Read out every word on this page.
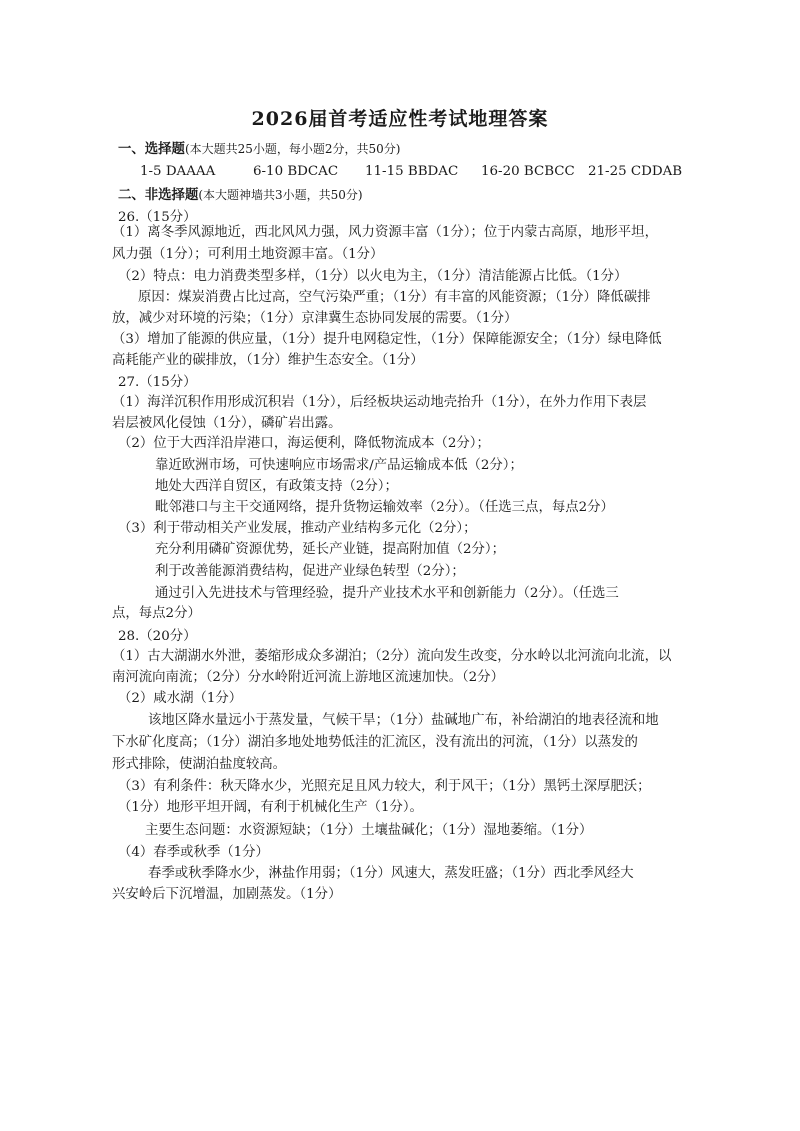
2026届首考适应性考试地理答案
一、选择题(本大题共25小题，每小题2分，共50分)
1-5 DAAAA	6-10 BDCAC 11-15 BBDAC 16-20 BCBCC 21-25 CDDAB
二、非选择题(本大题神墙共3小题，共50分)
26.（15分）
（1）离冬季风源地近，西北风风力强，风力资源丰富（1分）；位于内蒙古高原，地形平坦，
风力强（1分）；可利用土地资源丰富。（1分）
（2）特点：电力消费类型多样，（1分）以火电为主，（1分）清洁能源占比低。（1分）
原因：煤炭消费占比过高，空气污染严重；（1分）有丰富的风能资源；（1分）降低碳排
放，减少对环境的污染；（1分）京津冀生态协同发展的需要。（1分）
（3）增加了能源的供应量，（1分）提升电网稳定性，（1分）保障能源安全；（1分）绿电降低
高耗能产业的碳排放，（1分）维护生态安全。（1分）
27.（15分）
（1）海洋沉积作用形成沉积岩（1分），后经板块运动地壳抬升（1分），在外力作用下表层
岩层被风化侵蚀（1分），磷矿岩出露。
（2）位于大西洋沿岸港口，海运便利，降低物流成本（2分）；
靠近欧洲市场，可快速响应市场需求/产品运输成本低（2分）；
地处大西洋自贸区，有政策支持（2分）；
毗邻港口与主干交通网络，提升货物运输效率（2分）。（任选三点，每点2分）
（3）利于带动相关产业发展，推动产业结构多元化（2分）；
充分利用磷矿资源优势，延长产业链，提高附加值（2分）；
利于改善能源消费结构，促进产业绿色转型（2分）；
通过引入先进技术与管理经验，提升产业技术水平和创新能力（2分）。（任选三
点，每点2分）
28.（20分）
（1）古大湖湖水外泄，萎缩形成众多湖泊；（2分）流向发生改变，分水岭以北河流向北流，以
南河流向南流；（2分）分水岭附近河流上游地区流速加快。（2分）
（2）咸水湖（1分）
该地区降水量远小于蒸发量，气候干旱；（1分）盐碱地广布，补给湖泊的地表径流和地
下水矿化度高；（1分）湖泊多地处地势低洼的汇流区，没有流出的河流，（1分）以蒸发的
形式排除，使湖泊盐度较高。
（3）有利条件：秋天降水少，光照充足且风力较大，利于风干；（1分）黑钙土深厚肥沃；
（1分）地形平坦开阔，有利于机械化生产（1分）。
主要生态问题：水资源短缺；（1分）土壤盐碱化；（1分）湿地萎缩。（1分）
（4）春季或秋季（1分）
春季或秋季降水少，淋盐作用弱；（1分）风速大，蒸发旺盛；（1分）西北季风经大
兴安岭后下沉增温，加剧蒸发。（1分）
